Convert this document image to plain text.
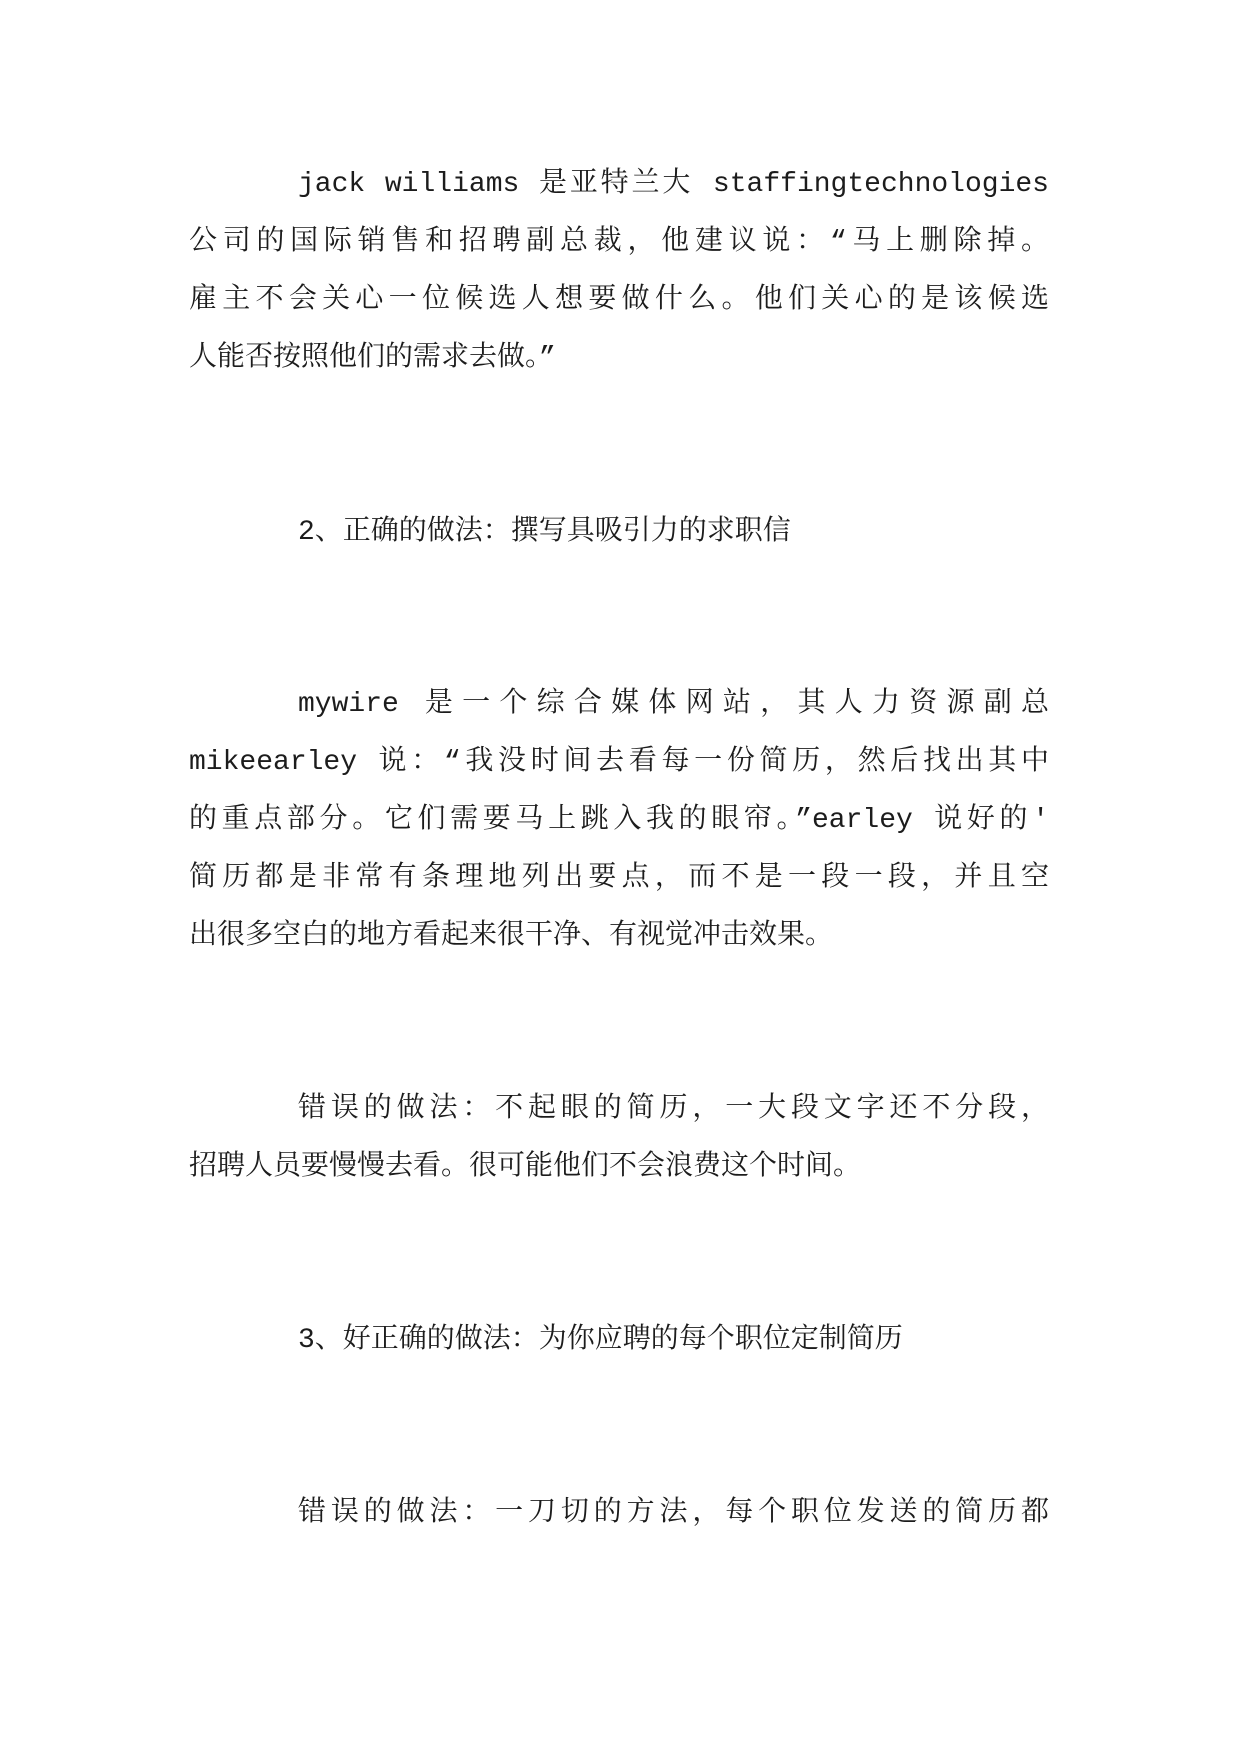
jack williams 是亚特兰大 staffingtechnologies
公司的国际销售和招聘副总裁，他建议说：“马上删除掉。
雇主不会关心一位候选人想要做什么。他们关心的是该候选
人能否按照他们的需求去做。”
2、正确的做法：撰写具吸引力的求职信
mywire 是一个综合媒体网站，其人力资源副总
mikeearley 说：“我没时间去看每一份简历，然后找出其中
的重点部分。它们需要马上跳入我的眼帘。”earley 说好的'
简历都是非常有条理地列出要点，而不是一段一段，并且空
出很多空白的地方看起来很干净、有视觉冲击效果。
错误的做法：不起眼的简历，一大段文字还不分段，
招聘人员要慢慢去看。很可能他们不会浪费这个时间。
3、好正确的做法：为你应聘的每个职位定制简历
错误的做法：一刀切的方法，每个职位发送的简历都
